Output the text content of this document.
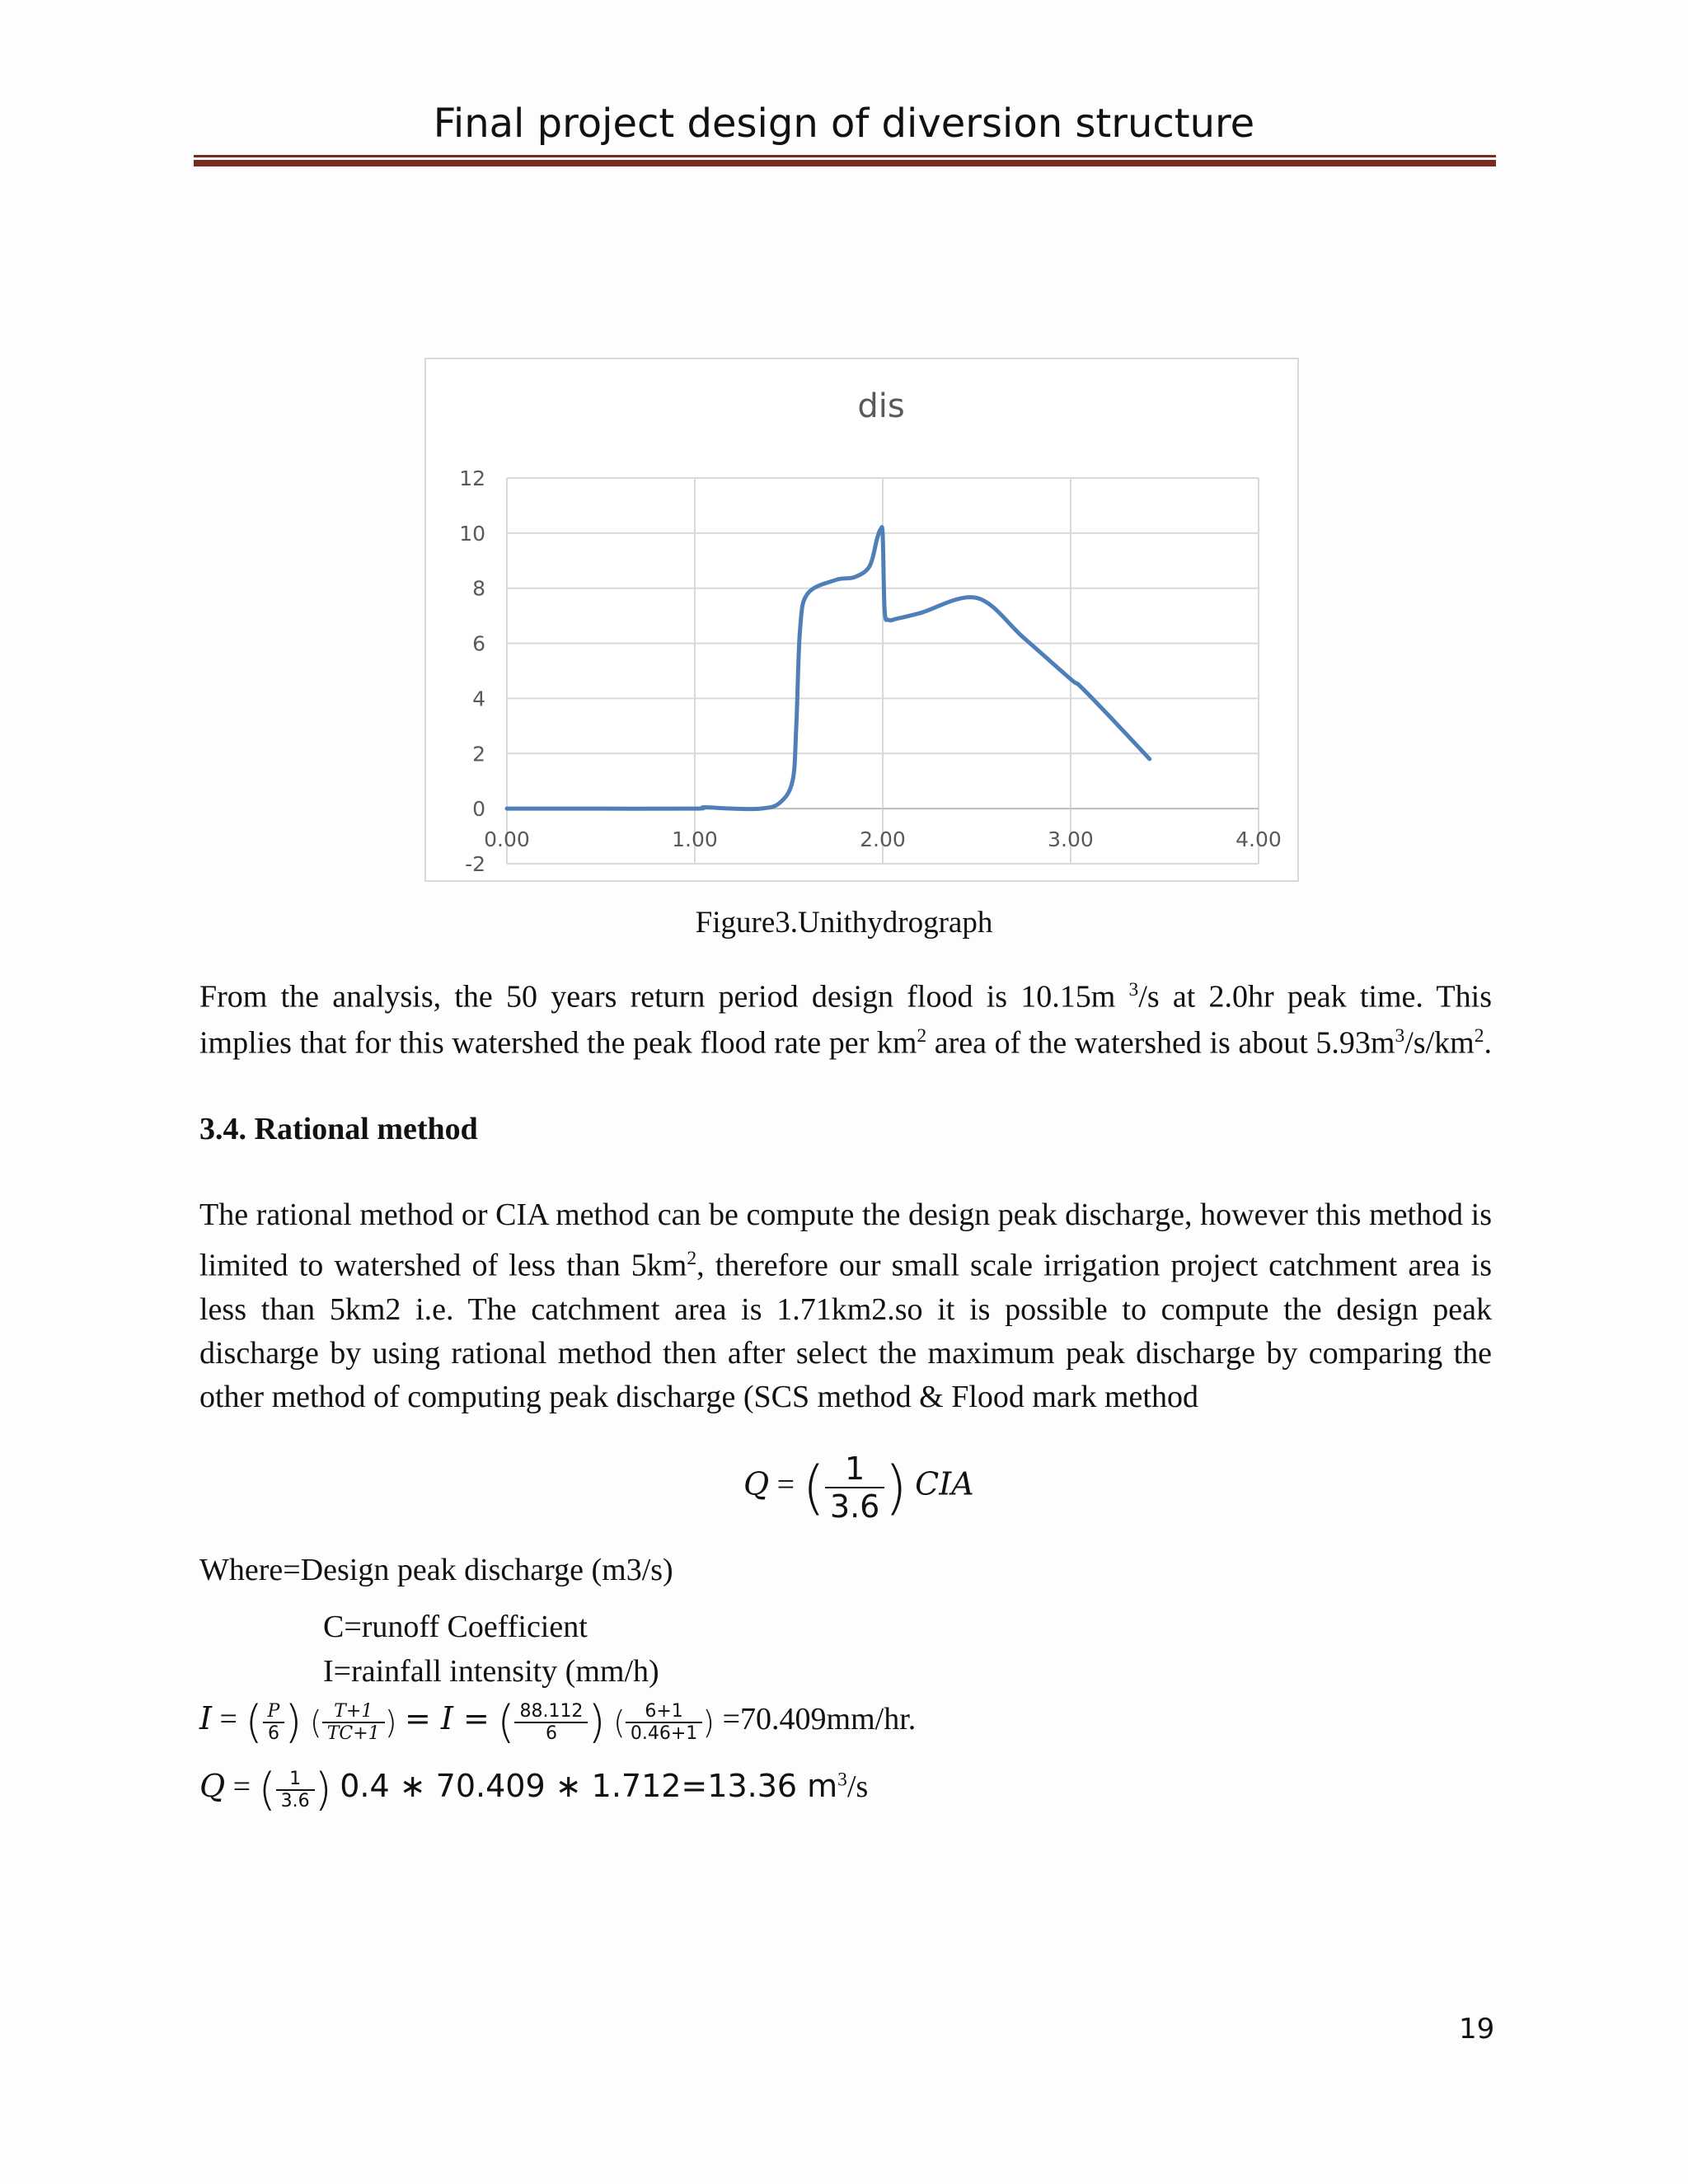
Final project design of diversion structure
dis
12
10
8
6
4
2
0
-2
0.00	1.00	2.00	3.00	4.00
Figure3.Unithydrograph

From the analysis, the 50 years return period design flood is 10.15m $^3$/s at 2.0hr peak time. This implies that for this watershed the peak flood rate per $km^2$ area of the watershed is about $5.93m^3/s/km^2$.

3.4. Rational method

The rational method or CIA method can be compute the design peak discharge, however this method is limited to watershed of less than $5km^2$, therefore our small scale irrigation project catchment area is less than 5km2 i.e. The catchment area is 1.71km2.so it is possible to compute the design peak discharge by using rational method then after select the maximum peak discharge by comparing the other method of computing peak discharge (SCS method & Flood mark method

Q = ( $\frac{1}{3.6}$ ) CIA
Where=Design peak discharge (m3/s)
C=runoff Coefficient
I=rainfall intensity (mm/h)
I = ( $\frac{P}{6}$ ) ( $\frac{T+1}{TC+1}$ ) = I = ( $\frac{88.112}{6}$ ) ( $\frac{6+1}{0.46+1}$ ) =70.409mm/hr.
Q = ( $\frac{1}{3.6}$ ) 0.4 ∗ 70.409 ∗ 1.712=13.36 $m^3/s$
19
